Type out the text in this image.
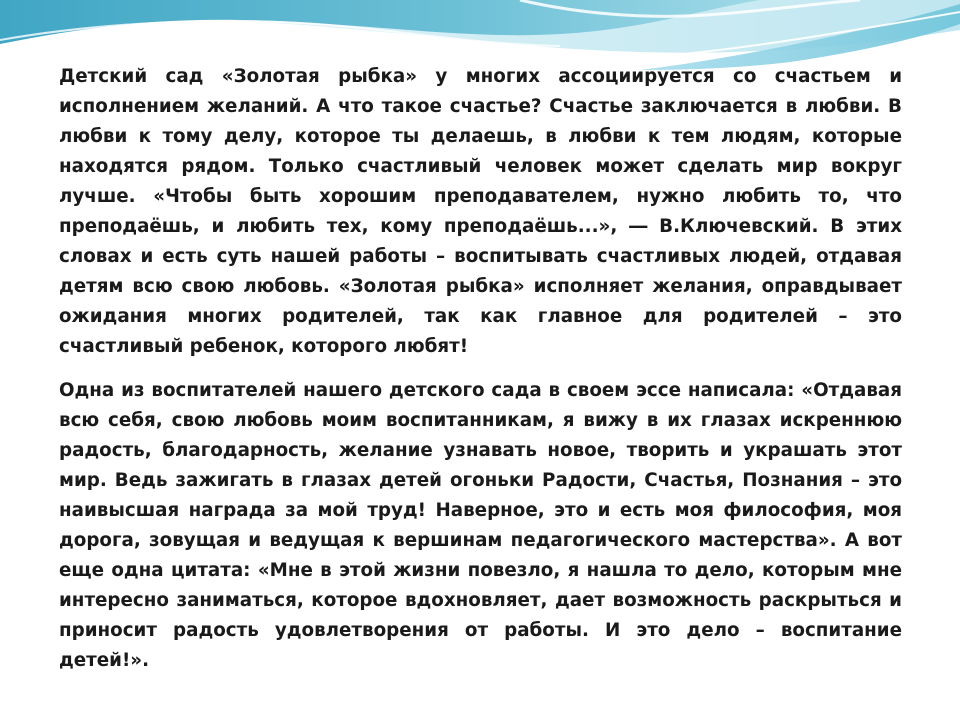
Детский сад «Золотая рыбка» у многих ассоциируется со счастьем и исполнением желаний. А что такое счастье? Счастье заключается в любви. В любви к тому делу, которое ты делаешь, в любви к тем людям, которые находятся рядом. Только счастливый человек может сделать мир вокруг лучше. «Чтобы быть хорошим преподавателем, нужно любить то, что преподаёшь, и любить тех, кому преподаёшь...», ― В.Ключевский. В этих словах и есть суть нашей работы – воспитывать счастливых людей, отдавая детям всю свою любовь. «Золотая рыбка» исполняет желания, оправдывает ожидания многих родителей, так как главное для родителей – это счастливый ребенок, которого любят!

Одна из воспитателей нашего детского сада в своем эссе написала: «Отдавая всю себя, свою любовь моим воспитанникам, я вижу в их глазах искреннюю радость, благодарность, желание узнавать новое, творить и украшать этот мир. Ведь зажигать в глазах детей огоньки Радости, Счастья, Познания – это наивысшая награда за мой труд! Наверное, это и есть моя философия, моя дорога, зовущая и ведущая к вершинам педагогического мастерства». А вот еще одна цитата: «Мне в этой жизни повезло, я нашла то дело, которым мне интересно заниматься, которое вдохновляет, дает возможность раскрыться и приносит радость удовлетворения от работы. И это дело – воспитание детей!».
